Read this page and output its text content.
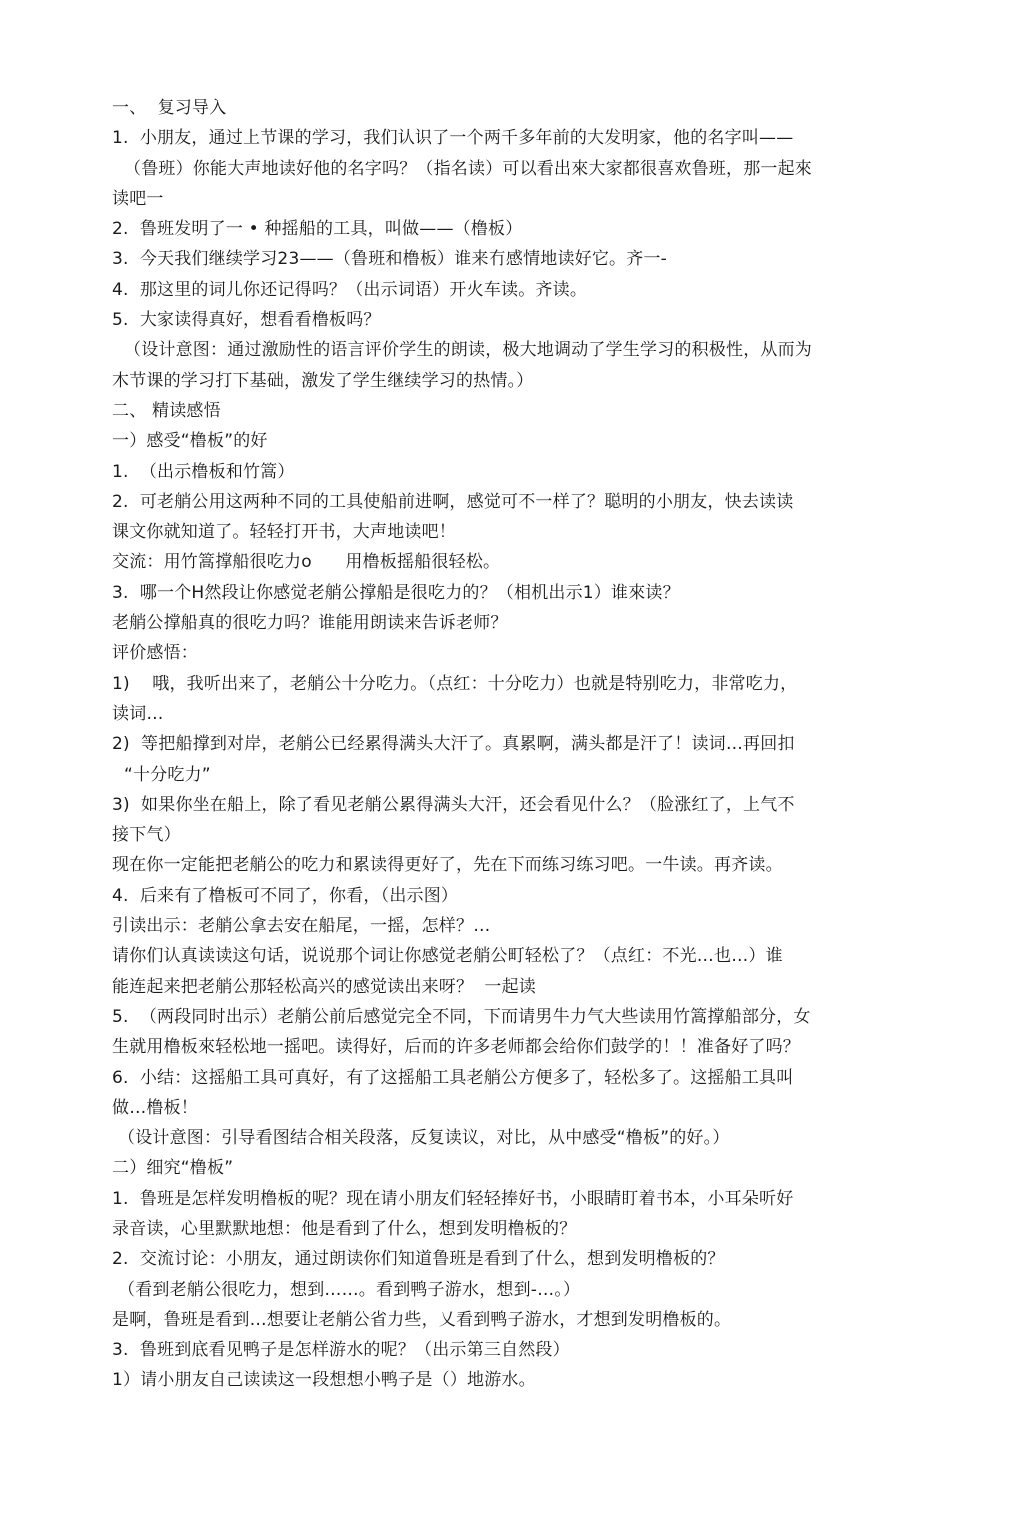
一、  复习导入
1.  小朋友，通过上节课的学习，我们认识了一个两千多年前的大发明家，他的名字叫——
（鲁班）你能大声地读好他的名字吗？（指名读）可以看出來大家都很喜欢鲁班，那一起來
读吧一
2.  鲁班发明了一 • 种摇船的工具，叫做——（橹板）
3.  今天我们继续学习23——（鲁班和橹板）谁来冇感情地读好它。齐一-
4.  那这里的词儿你还记得吗？（出示词语）开火车读。齐读。
5.  大家读得真好，想看看橹板吗？
（设计意图：通过激励性的语言评价学生的朗读，极大地调动了学生学习的积极性，从而为
木节课的学习打下基础，激发了学生继续学习的热情。）
二、 精读感悟
一）感受“橹板”的好
1.  （出示橹板和竹篙）
2.  可老艄公用这两种不同的工具使船前进啊，感觉可不一样了？聪明的小朋友，快去读读
课文你就知道了。轻轻打开书，大声地读吧！
交流：用竹篙撑船很吃力o      用橹板摇船很轻松。
3.  哪一个H然段让你感觉老艄公撑船是很吃力的？（相机出示1）谁來读？
老艄公撑船真的很吃力吗？谁能用朗读来告诉老师？
评价感悟：
1)    哦，我听出来了，老艄公十分吃力。（点红：十分吃力）也就是特别吃力，非常吃力，
读词…
2)  等把船撑到对岸，老艄公已经累得满头大汗了。真累啊，满头都是汗了！读词…再回扣
“十分吃力”
3)  如果你坐在船上，除了看见老艄公累得满头大汗，还会看见什么？（脸涨红了，上气不
接下气）
现在你一定能把老艄公的吃力和累读得更好了，先在下而练习练习吧。一牛读。再齐读。
4.  后来有了橹板可不同了，你看，（出示图）
引读出示：老艄公拿去安在船尾，一摇，怎样？…
请你们认真读读这句话，说说那个词让你感觉老艄公町轻松了？（点红：不光…也…）谁
能连起来把老艄公那轻松高兴的感觉读出来呀？  一起读
5.  （两段同时出示）老艄公前后感觉完全不同，下而请男牛力气大些读用竹篙撑船部分，女
生就用橹板來轻松地一摇吧。读得好，后而的许多老师都会给你们鼓学的！！准备好了吗？
6.  小结：这摇船工具可真好，有了这摇船工具老艄公方便多了，轻松多了。这摇船工具叫
做…橹板！
（设计意图：引导看图结合相关段落，反复读议，对比，从中感受“橹板”的好。）
二）细究“橹板”
1.  鲁班是怎样发明橹板的呢？现在请小朋友们轻轻捧好书，小眼睛盯着书本，小耳朵听好
录音读，心里默默地想：他是看到了什么，想到发明橹板的？
2.  交流讨论：小朋友，通过朗读你们知道鲁班是看到了什么，想到发明橹板的？
（看到老艄公很吃力，想到……。看到鸭子游水，想到-…。）
是啊，鲁班是看到…想要让老艄公省力些，乂看到鸭子游水，才想到发明橹板的。
3.  鲁班到底看见鸭子是怎样游水的呢？（出示第三自然段）
1）请小朋友自己读读这一段想想小鸭子是（）地游水。
